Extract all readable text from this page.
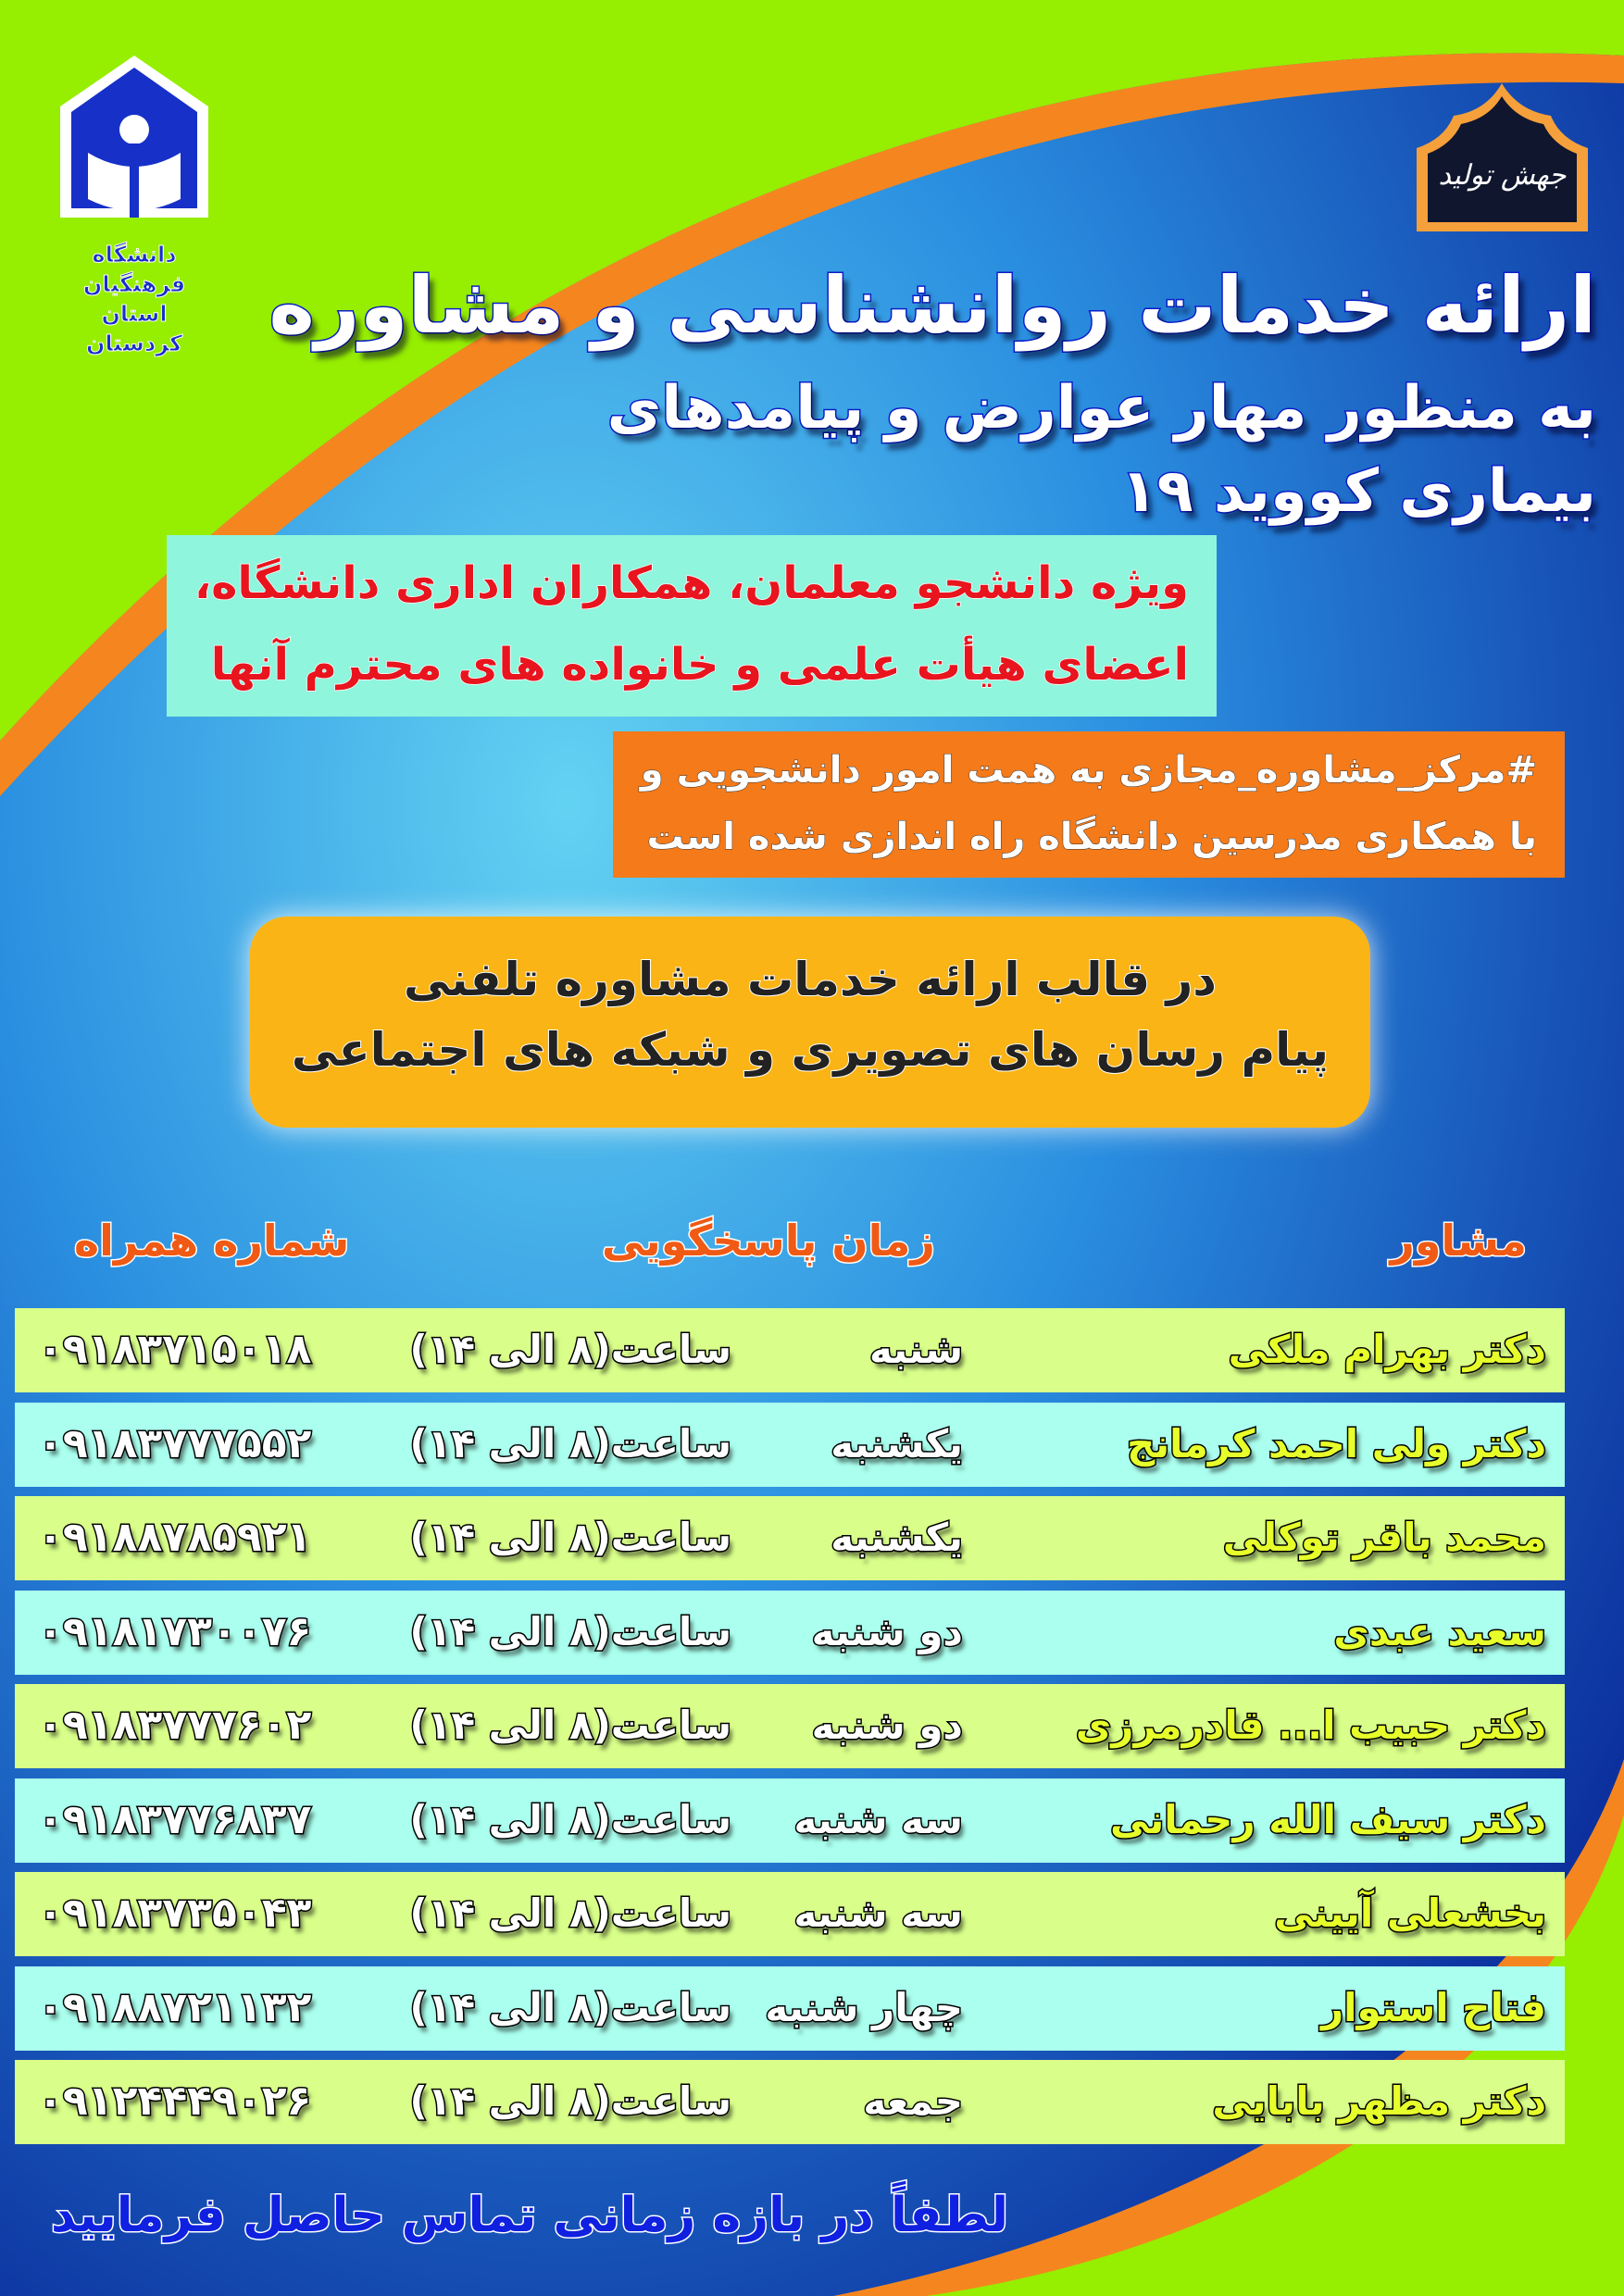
دانشگاه فرهنگیان
استان کردستان
جهش تولید
ارائه خدمات روانشناسی و مشاوره
به منظور مهار عوارض و پیامدهای
بیماری کووید ۱۹
ویژه دانشجو معلمان، همکاران اداری دانشگاه،
اعضای هیأت علمی و خانواده های محترم آنها
#مرکز_مشاوره_مجازی به همت امور دانشجویی و
با همکاری مدرسین دانشگاه راه اندازی شده است
در قالب ارائه خدمات مشاوره تلفنی
پیام رسان های تصویری و شبکه های اجتماعی
مشاور
زمان پاسخگویی
شماره همراه
دکتر بهرام ملکی
شنبه
ساعت(۸ الی ۱۴)
۰۹۱۸۳۷۱۵۰۱۸
دکتر ولی احمد کرمانج
یکشنبه
ساعت(۸ الی ۱۴)
۰۹۱۸۳۷۷۷۵۵۲
محمد باقر توکلی
یکشنبه
ساعت(۸ الی ۱۴)
۰۹۱۸۸۷۸۵۹۲۱
سعید عبدی
دو شنبه
ساعت(۸ الی ۱۴)
۰۹۱۸۱۷۳۰۰۷۶
دکتر حبیب ا... قادرمرزی
دو شنبه
ساعت(۸ الی ۱۴)
۰۹۱۸۳۷۷۷۶۰۲
دکتر سیف الله رحمانی
سه شنبه
ساعت(۸ الی ۱۴)
۰۹۱۸۳۷۷۶۸۳۷
بخشعلی آیینی
سه شنبه
ساعت(۸ الی ۱۴)
۰۹۱۸۳۷۳۵۰۴۳
فتاح استوار
چهار شنبه
ساعت(۸ الی ۱۴)
۰۹۱۸۸۷۲۱۱۳۲
دکتر مظهر بابایی
جمعه
ساعت(۸ الی ۱۴)
۰۹۱۲۴۴۴۹۰۲۶
لطفاً در بازه زمانی تماس حاصل فرمایید
